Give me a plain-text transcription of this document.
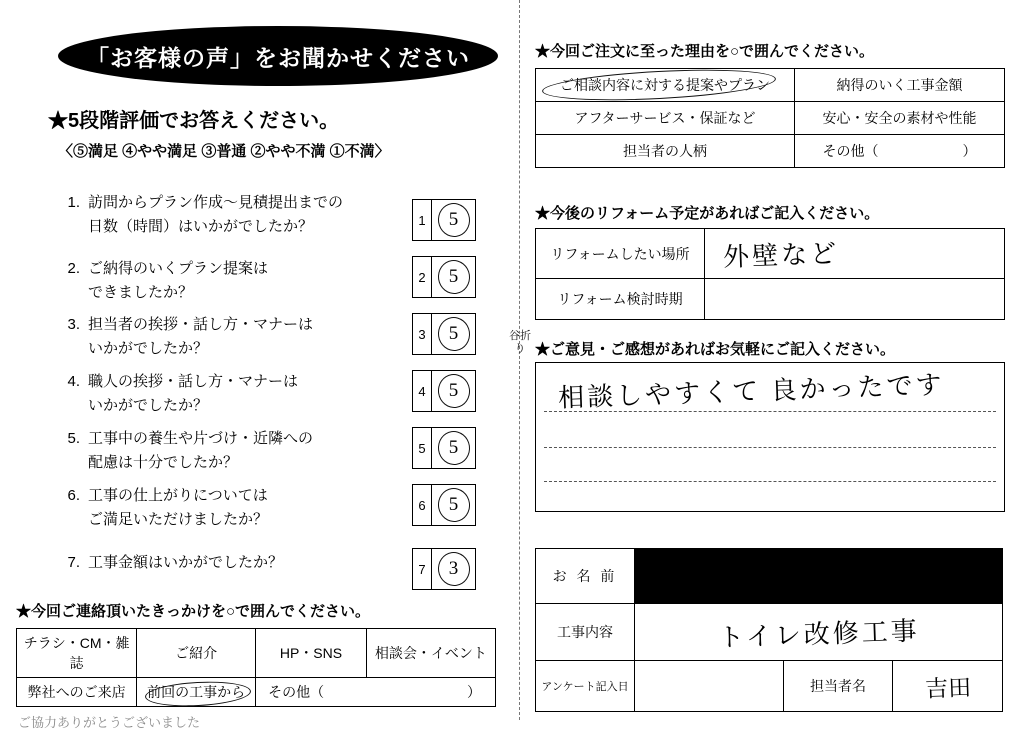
谷折り
「お客様の声」をお聞かせください
★5段階評価でお答えください。
〈⑤満足 ④やや満足 ③普通 ②やや不満 ①不満〉
1. 訪問からプラン作成〜見積提出までの
日数（時間）はいかがでしたか？	1	5
2. ご納得のいくプラン提案は
できましたか？
2	5
3. 担当者の挨拶・話し方・マナーは
いかがでしたか？
3	5
4. 職人の挨拶・話し方・マナーは
いかがでしたか？
4	5
5. 工事中の養生や片づけ・近隣への
配慮は十分でしたか？
5	5
6. 工事の仕上がりについては
ご満足いただけましたか？
6	5
7. 工事金額はいかがでしたか？	7	3

★今回ご連絡頂いたきっかけを○で囲んでください。
チラシ・CM・雑誌	ご紹介	HP・SNS	相談会・イベント
弊社へのご来店	前回の工事から	その他（ ）	
ご協力ありがとうございました
★今回ご注文に至った理由を○で囲んでください。
ご相談内容に対する提案やプラン	納得のいく工事金額
アフターサービス・保証など	安心・安全の素材や性能
担当者の人柄	その他（　　　　　　）
★今後のリフォーム予定があればご記入ください。
リフォームしたい場所	外壁など
リフォーム検討時期	
★ご意見・ご感想があればお気軽にご記入ください。
相談しやすくて 良かったです
お 名 前			

工事内容	トイレ改修工事		
アンケート記入日		担当者名	吉田
